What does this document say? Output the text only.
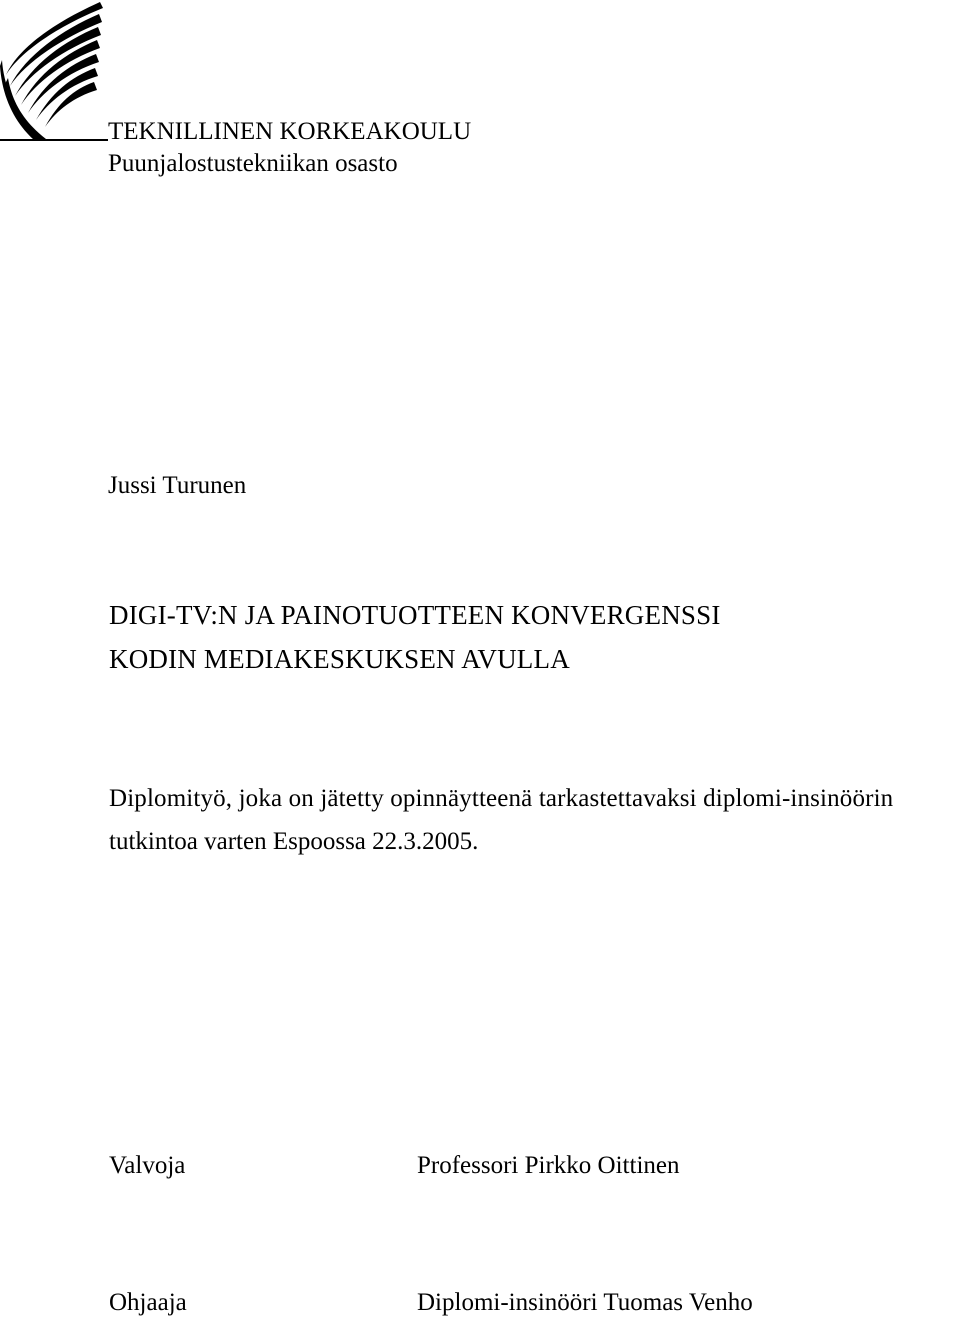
TEKNILLINEN KORKEAKOULU
Puunjalostustekniikan osasto
Jussi Turunen
DIGI-TV:N JA PAINOTUOTTEEN KONVERGENSSI
KODIN MEDIAKESKUKSEN AVULLA
Diplomityö, joka on jätetty opinnäytteenä tarkastettavaksi diplomi-insinöörin
tutkintoa varten Espoossa 22.3.2005.
Valvoja	Professori Pirkko Oittinen
Ohjaaja	Diplomi-insinööri Tuomas Venho
